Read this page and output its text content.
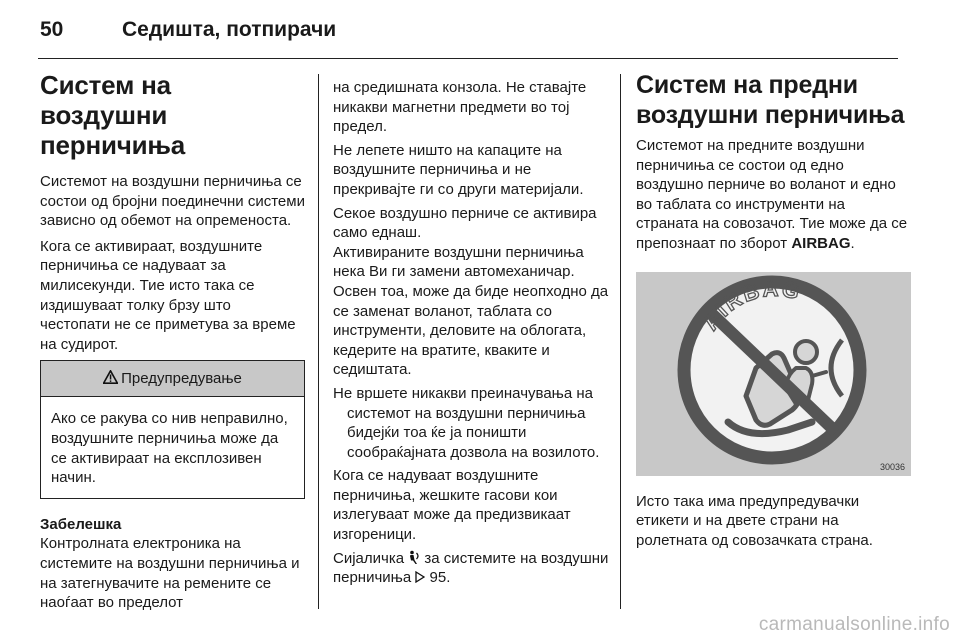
50	Седишта, потпирачи
Систем на воздушни перничиња

Системот на воздушни перничиња се состои од бројни поединечни системи зависно од обемот на опременоста.

Кога се активираат, воздушните перничиња се надуваат за милисекунди. Тие исто така се издишуваат толку брзу што честопати не се приметува за време на судирот.

Предупредување

Ако се ракува со нив неправилно, воздушните перничиња може да се активираат на експлозивен начин.

Забелешка

Контролната електроника на системите на воздушни перничиња и на затегнувачите на ремените се наоѓаат во пределот

на средишната конзола. Не ставајте никакви магнетни предмети во тој предел.

Не лепете ништо на капаците на воздушните перничиња и не прекривајте ги со други материјали.

Секое воздушно перниче се активира само еднаш.

Активираните воздушни перничиња нека Ви ги замени автомеханичар. Освен тоа, може да биде неопходно да се заменат воланот, таблата со инструменти, деловите на облогата, кедерите на вратите, кваките и седиштата.

Не вршете никакви преиначувања на системот на воздушни перничиња бидејќи тоа ќе ја поништи сообраќајната дозвола на возилото.

Кога се надуваат воздушните перничиња, жешките гасови кои излегуваат може да предизвикаат изгореници.

Сијаличка за системите на воздушни перничиња 95.

Систем на предни воздушни перничиња

Системот на предните воздушни перничиња се состои од едно воздушно перниче во воланот и едно во таблата со инструменти на страната на совозачот. Тие може да се препознаат по зборот AIRBAG.

AIRBAG
30036

Исто така има предупредувачки етикети и на двете страни на ролетната од совозачката страна.

carmanualsonline.info
